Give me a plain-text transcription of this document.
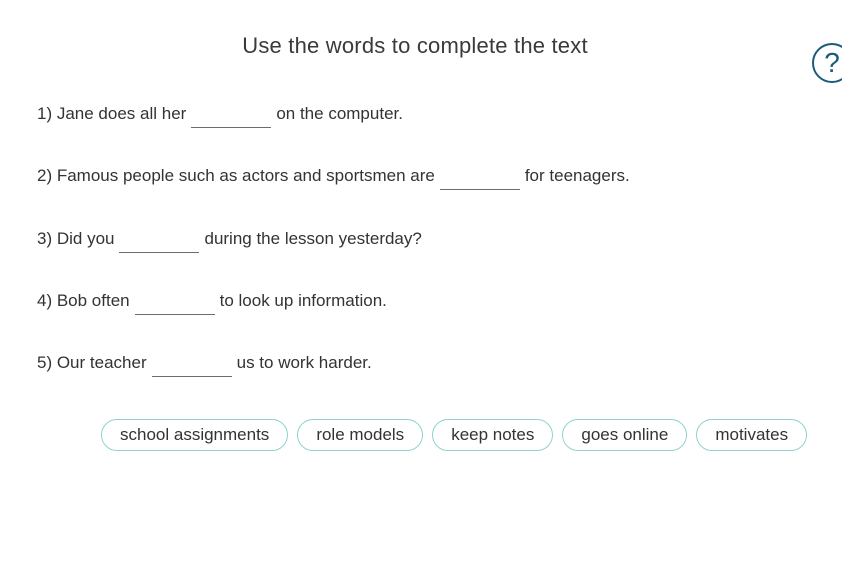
Use the words to complete the text
?
1) Jane does all her	on the computer.
2) Famous people such as actors and sportsmen are	for teenagers.
3) Did you	during the lesson yesterday?
4) Bob often	to look up information.
5) Our teacher	us to work harder.
school assignments	role models	keep notes	goes online	motivates
